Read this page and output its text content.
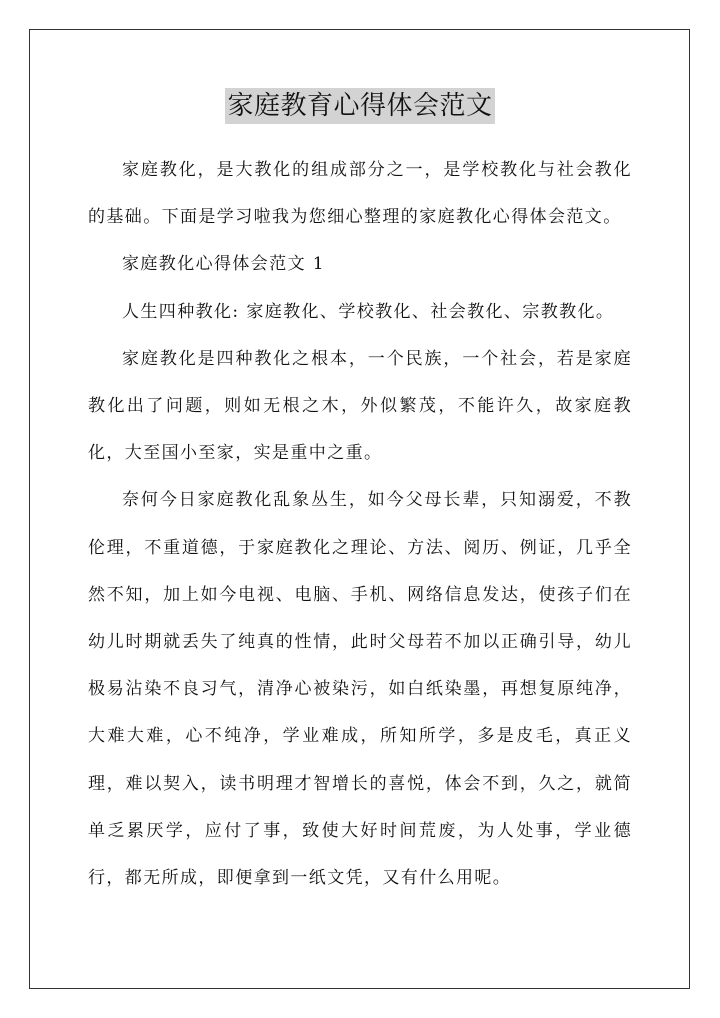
家庭教育心得体会范文

家庭教化，是大教化的组成部分之一，是学校教化与社会教化的基础。下面是学习啦我为您细心整理的家庭教化心得体会范文。

家庭教化心得体会范文 1

人生四种教化: 家庭教化、学校教化、社会教化、宗教教化。

家庭教化是四种教化之根本，一个民族，一个社会，若是家庭教化出了问题，则如无根之木，外似繁茂，不能许久，故家庭教化，大至国小至家，实是重中之重。

奈何今日家庭教化乱象丛生，如今父母长辈，只知溺爱，不教伦理，不重道德，于家庭教化之理论、方法、阅历、例证，几乎全然不知，加上如今电视、电脑、手机、网络信息发达，使孩子们在幼儿时期就丢失了纯真的性情，此时父母若不加以正确引导，幼儿极易沾染不良习气，清净心被染污，如白纸染墨，再想复原纯净，大难大难，心不纯净，学业难成，所知所学，多是皮毛，真正义理，难以契入，读书明理才智增长的喜悦，体会不到，久之，就简单乏累厌学，应付了事，致使大好时间荒废，为人处事，学业德行，都无所成，即便拿到一纸文凭，又有什么用呢。
